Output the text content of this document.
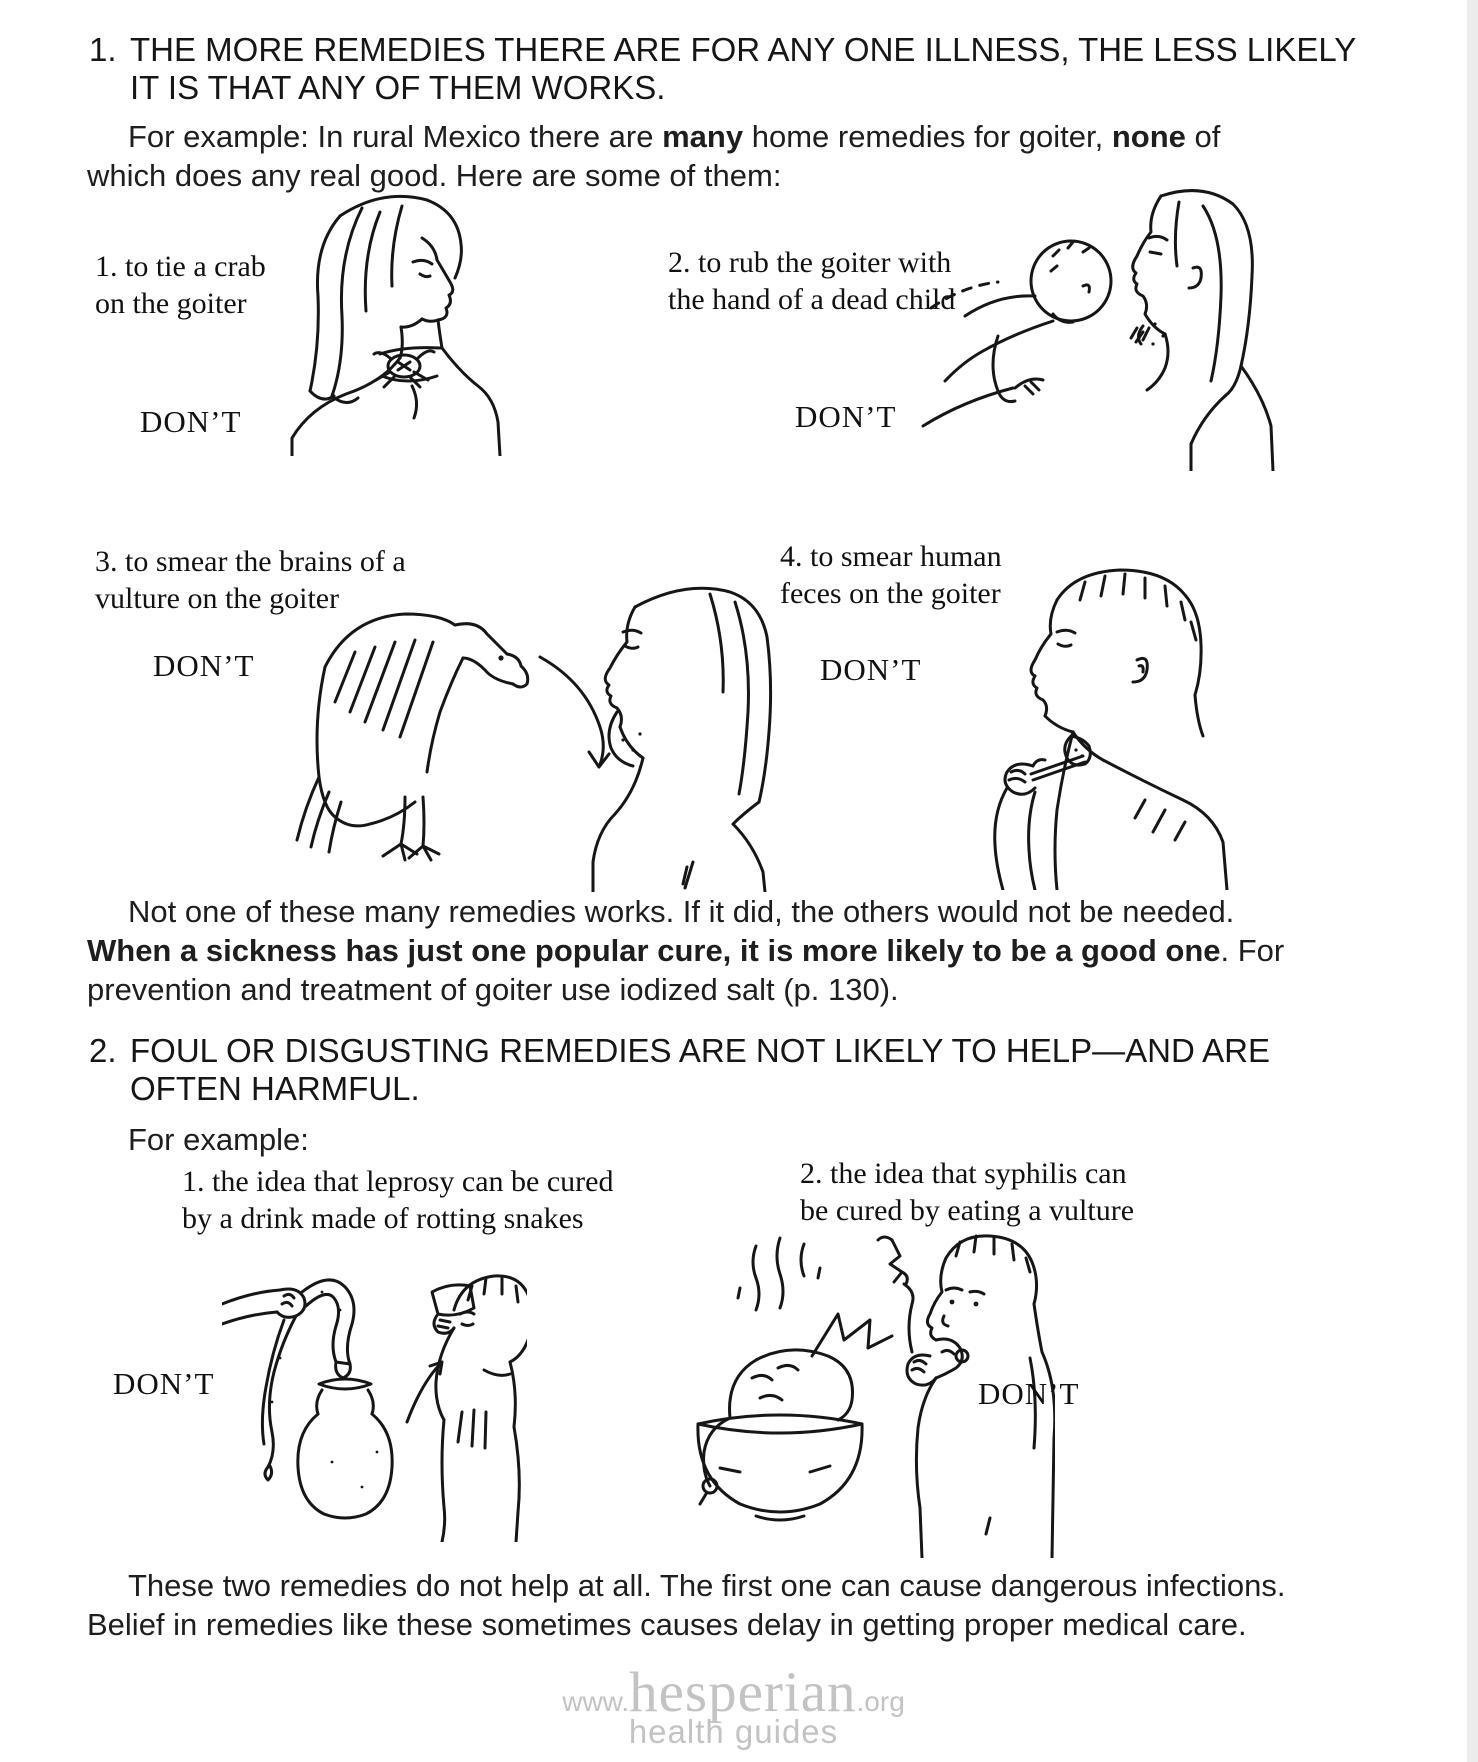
1. THE MORE REMEDIES THERE ARE FOR ANY ONE ILLNESS, THE LESS LIKELY
IT IS THAT ANY OF THEM WORKS.
For example: In rural Mexico there are many home remedies for goiter, none of
which does any real good. Here are some of them:
1. to tie a crab
on the goiter
DON’T
2. to rub the goiter with
the hand of a dead child
DON’T
3. to smear the brains of a
vulture on the goiter
DON’T
4. to smear human
feces on the goiter
DON’T
Not one of these many remedies works. If it did, the others would not be needed.
When a sickness has just one popular cure, it is more likely to be a good one. For
prevention and treatment of goiter use iodized salt (p. 130).
2. FOUL OR DISGUSTING REMEDIES ARE NOT LIKELY TO HELP—AND ARE
OFTEN HARMFUL.
For example:
1. the idea that leprosy can be cured
by a drink made of rotting snakes
2. the idea that syphilis can
be cured by eating a vulture
DON’T	DON’T
These two remedies do not help at all. The first one can cause dangerous infections.
Belief in remedies like these sometimes causes delay in getting proper medical care.
www.hesperian.org
health guides
